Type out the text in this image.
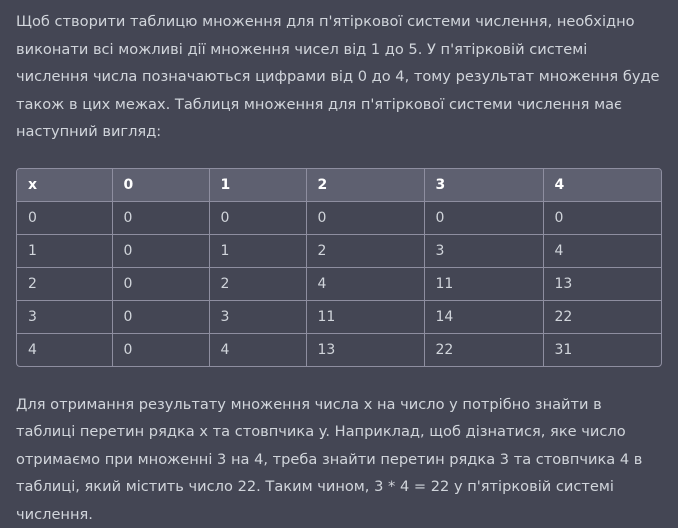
Щоб створити таблицю множення для п'ятіркової системи числення, необхідно виконати всі можливі дії множення чисел від 1 до 5. У п'ятірковій системі числення числа позначаються цифрами від 0 до 4, тому результат множення буде також в цих межах. Таблиця множення для п'ятіркової системи числення має наступний вигляд:

x	0	1	2	3	4
0	0	0	0	0	0
1	0	1	2	3	4
2	0	2	4	11	13
3	0	3	11	14	22
4	0	4	13	22	31

Для отримання результату множення числа x на число y потрібно знайти в таблиці перетин рядка x та стовпчика y. Наприклад, щоб дізнатися, яке число отримаємо при множенні 3 на 4, треба знайти перетин рядка 3 та стовпчика 4 в таблиці, який містить число 22. Таким чином, 3 * 4 = 22 у п'ятірковій системі числення.
